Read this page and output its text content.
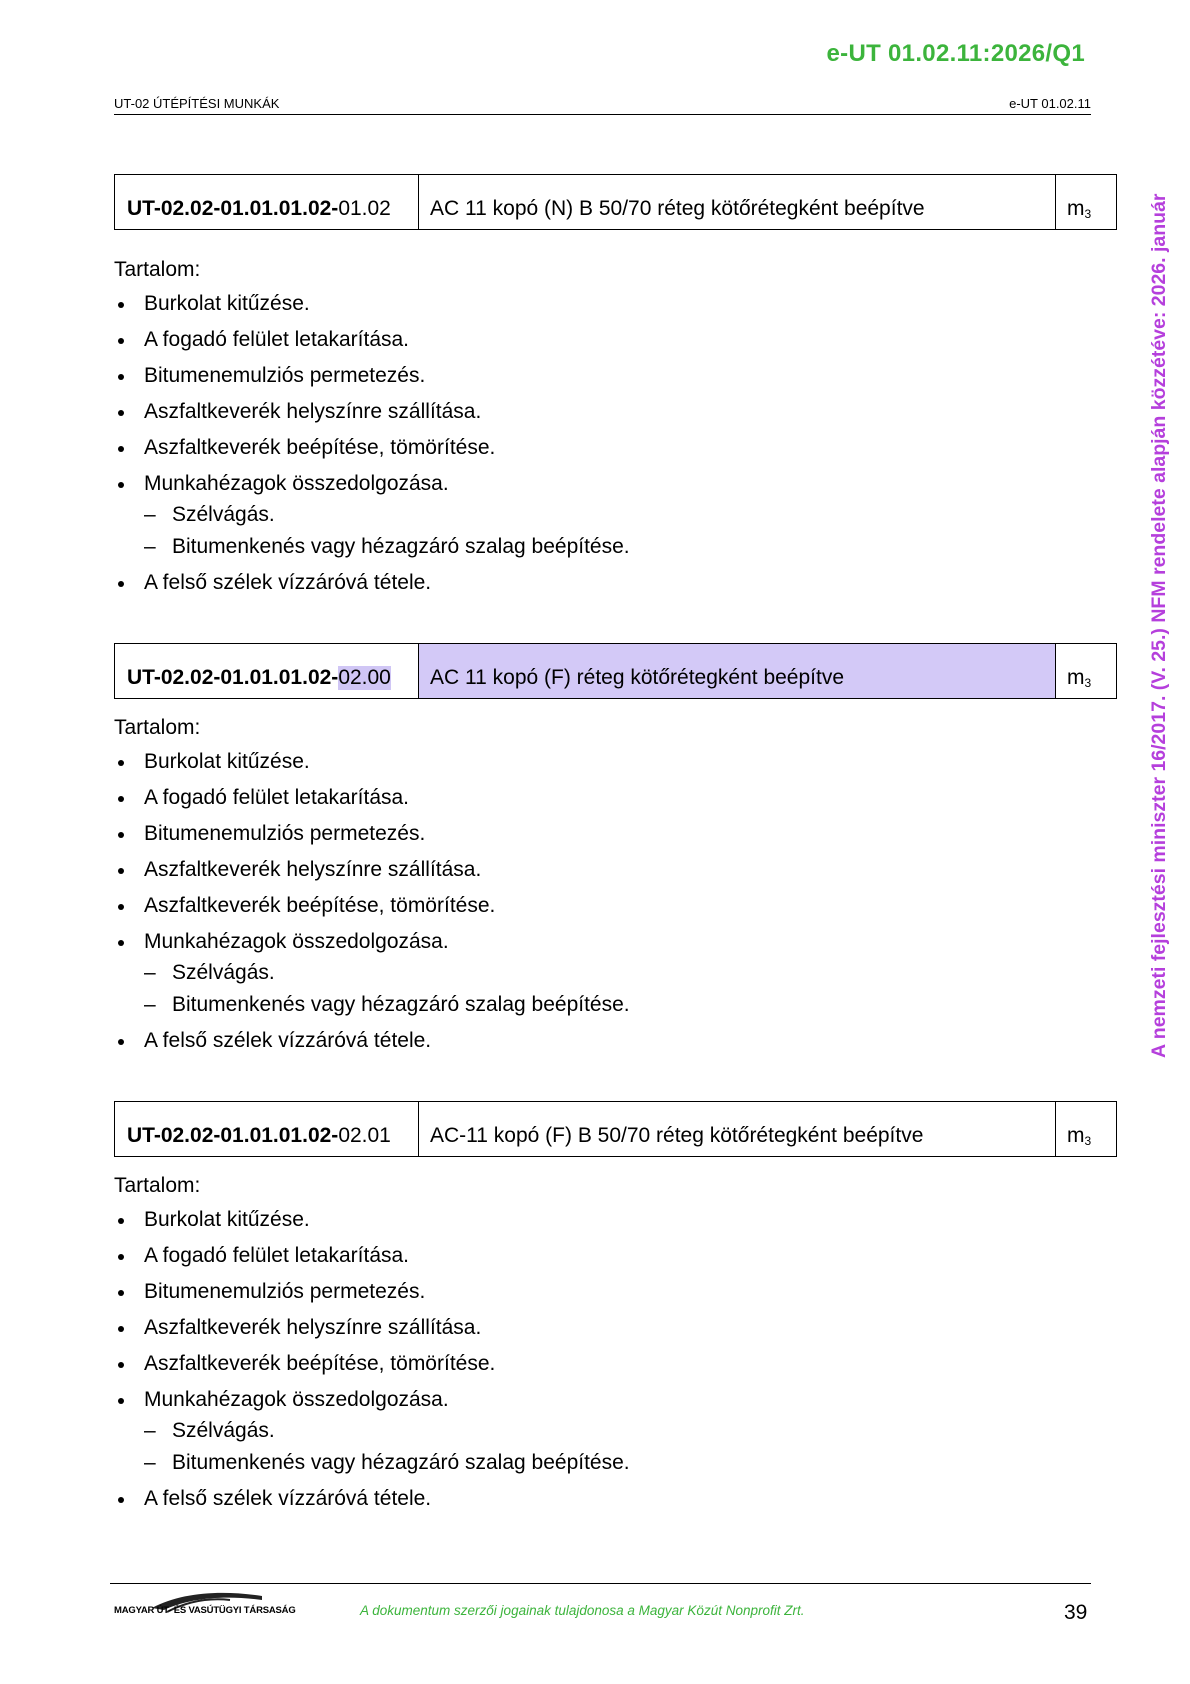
e-UT 01.02.11:2026/Q1
UT-02 ÚTÉPÍTÉSI MUNKÁK	e-UT 01.02.11
A nemzeti fejlesztési miniszter 16/2017. (V. 25.) NFM rendelete alapján közzétéve: 2026. január
UT-02.02-01.01.01.02- 01.02	AC 11 kopó (N) B 50/70 réteg kötőrétegként beépítve	$m_3$
Tartalom:
Burkolat kitűzése.
A fogadó felület letakarítása.
Bitumenemulziós permetezés.
Aszfaltkeverék helyszínre szállítása.
Aszfaltkeverék beépítése, tömörítése.
Munkahézagok összedolgozása.
– Szélvágás.
– Bitumenkenés vagy hézagzáró szalag beépítése.
A felső szélek vízzáróvá tétele.
UT-02.02-01.01.01.02- 02.00	AC 11 kopó (F) réteg kötőrétegként beépítve	$m_3$
Tartalom:
Burkolat kitűzése.
A fogadó felület letakarítása.
Bitumenemulziós permetezés.
Aszfaltkeverék helyszínre szállítása.
Aszfaltkeverék beépítése, tömörítése.
Munkahézagok összedolgozása.
– Szélvágás.
– Bitumenkenés vagy hézagzáró szalag beépítése.
A felső szélek vízzáróvá tétele.
UT-02.02-01.01.01.02- 02.01	AC-11 kopó (F) B 50/70 réteg kötőrétegként beépítve	$m_3$
Tartalom:
Burkolat kitűzése.
A fogadó felület letakarítása.
Bitumenemulziós permetezés.
Aszfaltkeverék helyszínre szállítása.
Aszfaltkeverék beépítése, tömörítése.
Munkahézagok összedolgozása.
– Szélvágás.
– Bitumenkenés vagy hézagzáró szalag beépítése.
A felső szélek vízzáróvá tétele.
MAGYAR ÚT- ÉS VASÚTÜGYI TÁRSASÁG	A dokumentum szerzői jogainak tulajdonosa a Magyar Közút Nonprofit Zrt.	39
